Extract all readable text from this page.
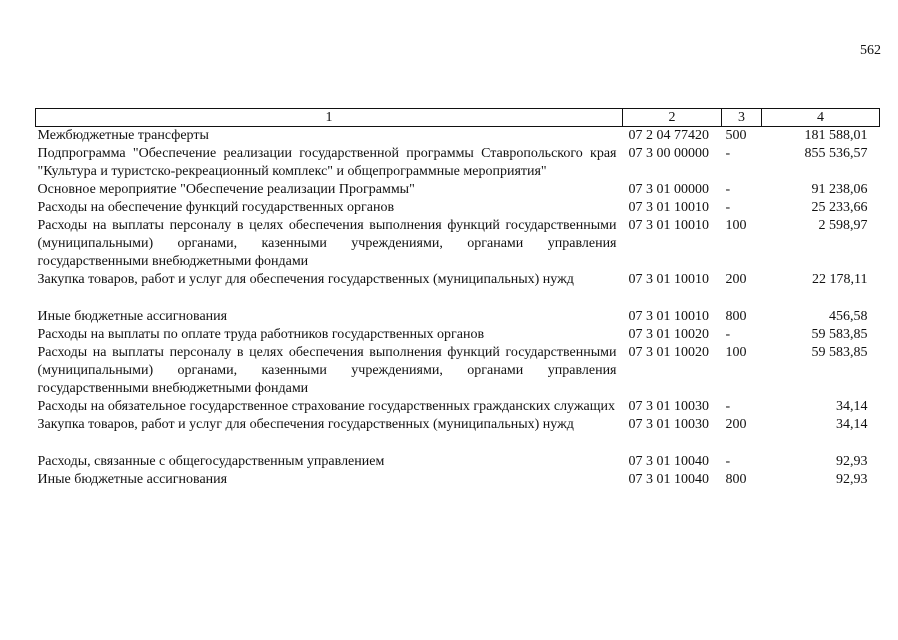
562
1	2	3	4
Межбюджетные трансферты	07 2 04 77420	500	181 588,01
Подпрограмма "Обеспечение реализации государственной программы Ставропольского края "Культура и туристско-рекреационный комплекс" и общепрограммные мероприятия"	07 3 00 00000	-	855 536,57
Основное мероприятие "Обеспечение реализации Программы"	07 3 01 00000	-	91 238,06
Расходы на обеспечение функций государственных органов	07 3 01 10010	-	25 233,66
Расходы на выплаты персоналу в целях обеспечения выполнения функций государственными (муниципальными) органами, казенными учреждениями, органами управления государственными внебюджетными фондами	07 3 01 10010	100	2 598,97
Закупка товаров, работ и услуг для обеспечения государственных (муниципальных) нужд	07 3 01 10010	200	22 178,11
Иные бюджетные ассигнования	07 3 01 10010	800	456,58
Расходы на выплаты по оплате труда работников государственных органов	07 3 01 10020	-	59 583,85
Расходы на выплаты персоналу в целях обеспечения выполнения функций государственными (муниципальными) органами, казенными учреждениями, органами управления государственными внебюджетными фондами	07 3 01 10020	100	59 583,85
Расходы на обязательное государственное страхование государственных гражданских служащих	07 3 01 10030	-	34,14
Закупка товаров, работ и услуг для обеспечения государственных (муниципальных) нужд	07 3 01 10030	200	34,14
Расходы, связанные с общегосударственным управлением	07 3 01 10040	-	92,93
Иные бюджетные ассигнования	07 3 01 10040	800	92,93
